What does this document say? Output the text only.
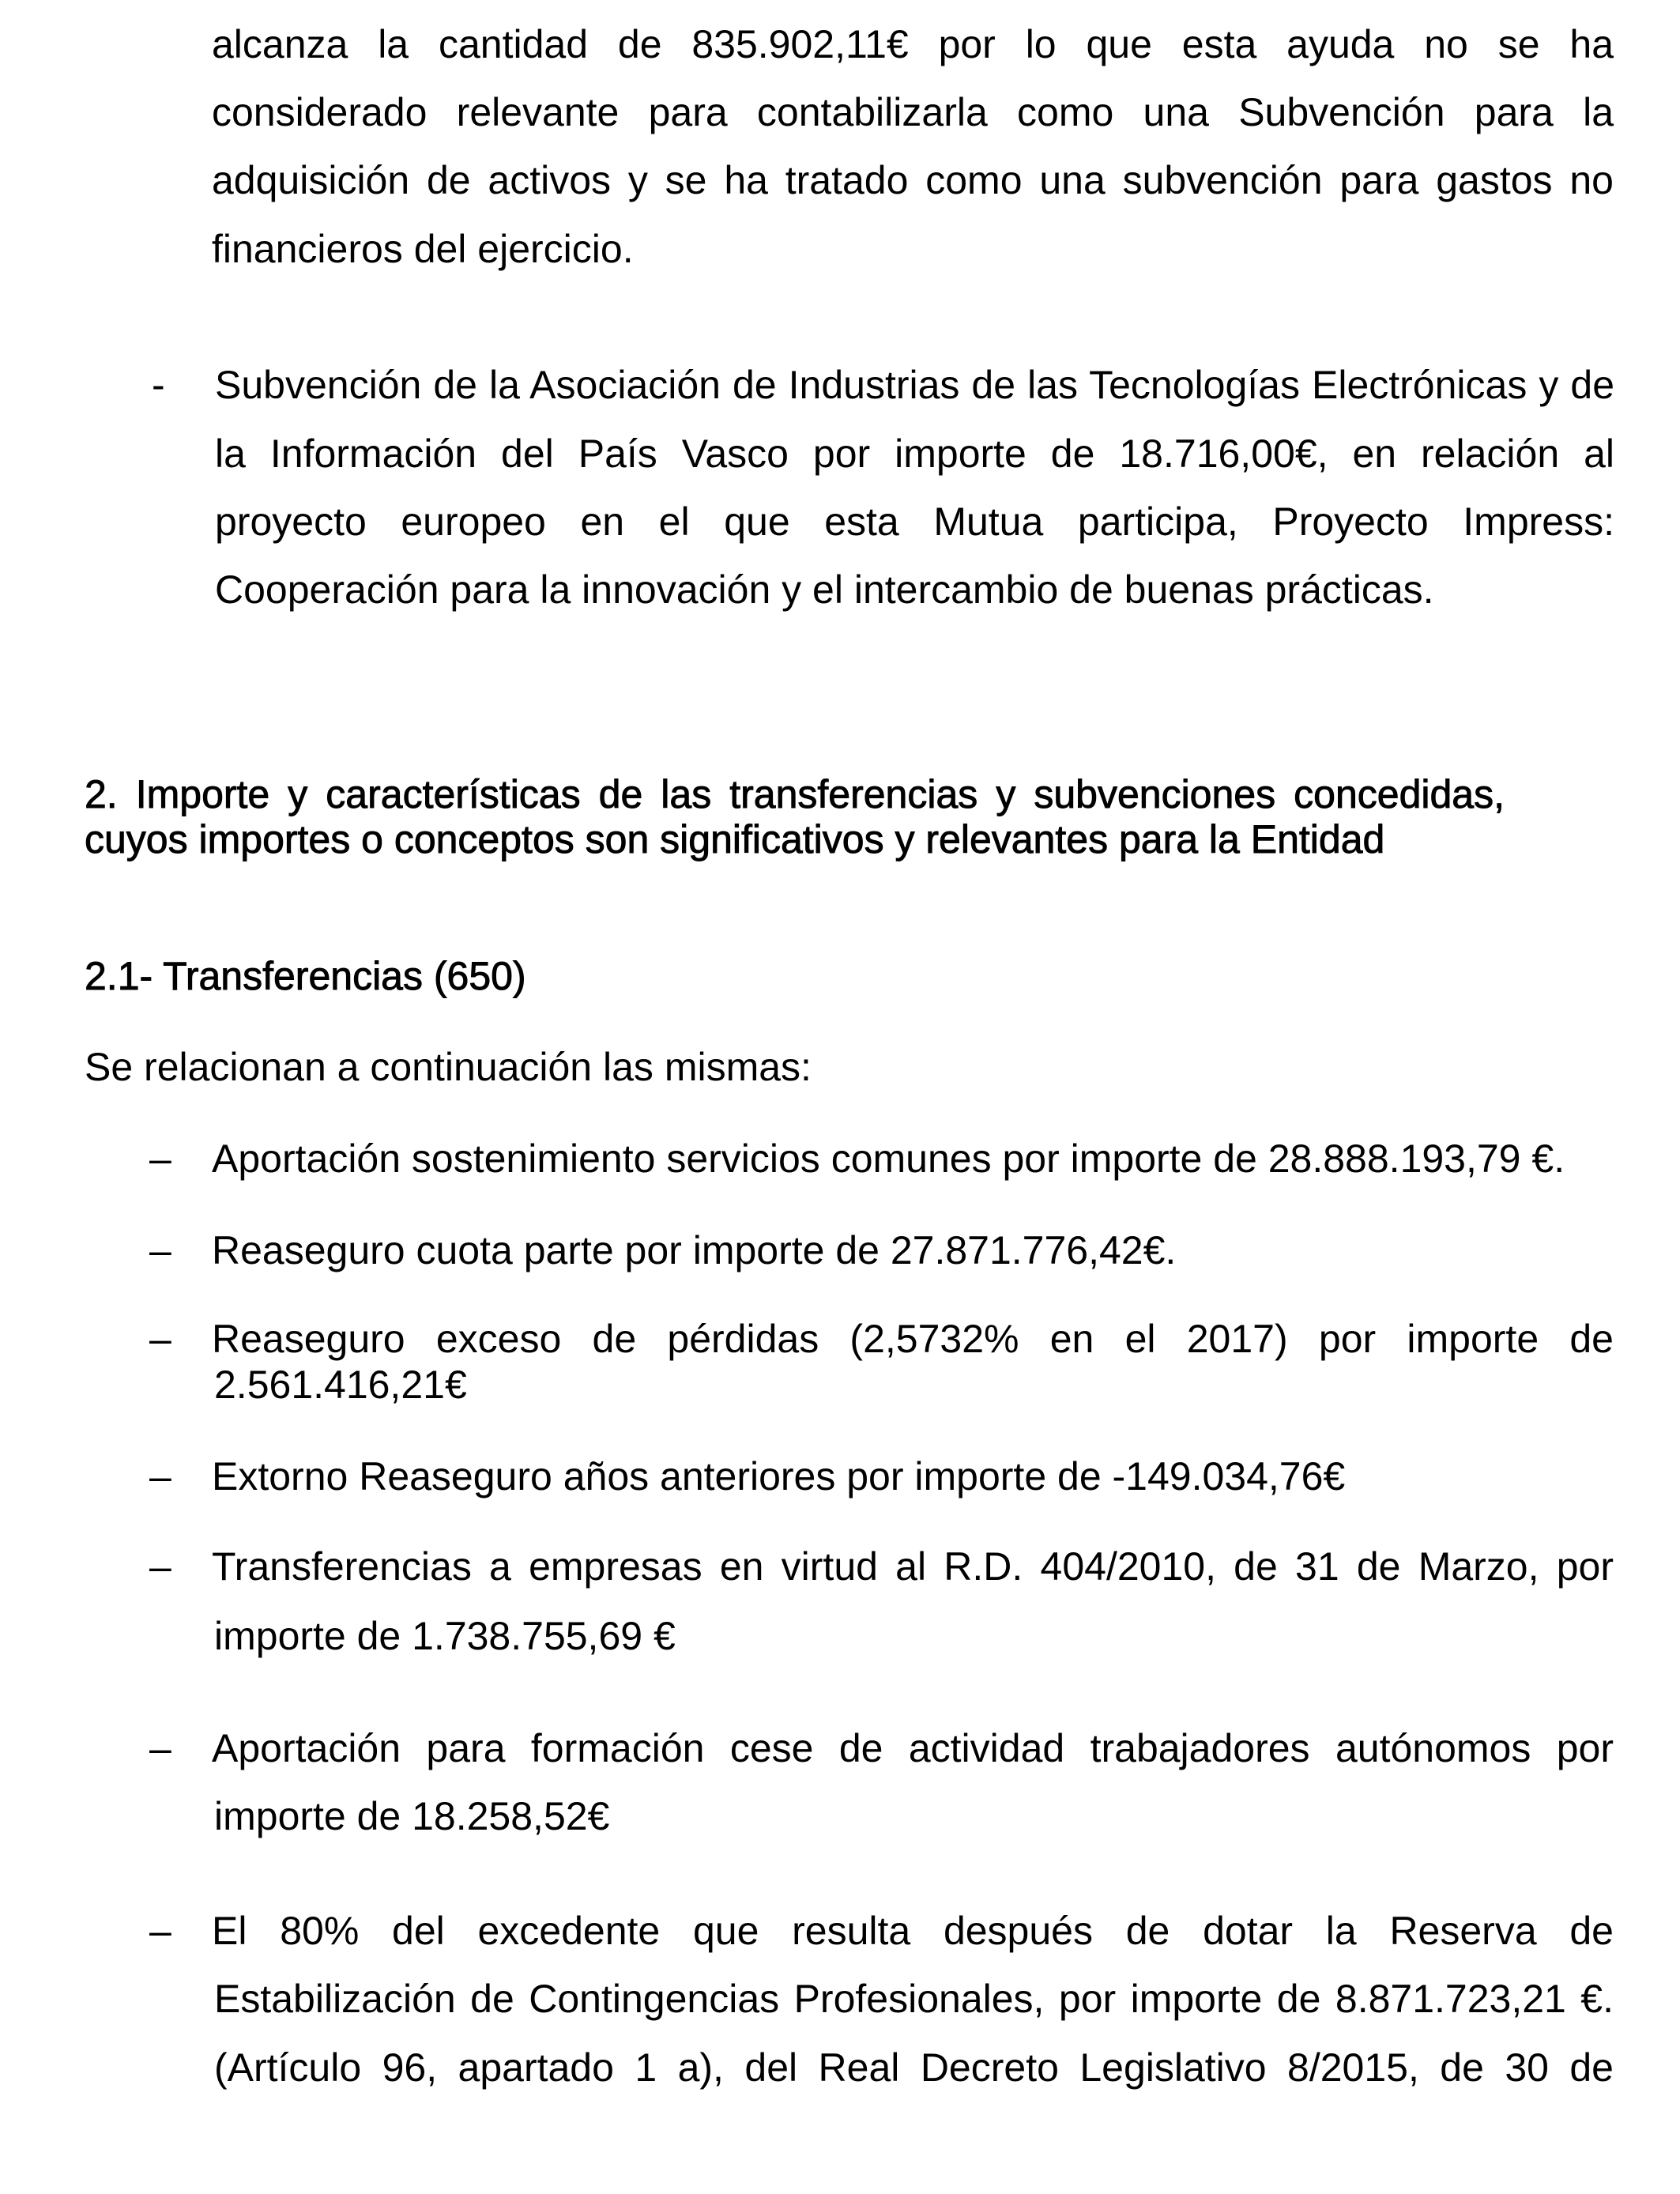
alcanza la cantidad de 835.902,11€ por lo que esta ayuda no se ha
considerado relevante para contabilizarla como una Subvención para la
adquisición de activos y se ha tratado como una subvención para gastos no
financieros del ejercicio.
- Subvención de la Asociación de Industrias de las Tecnologías Electrónicas y de
la Información del País Vasco por importe de 18.716,00€, en relación al
proyecto europeo en el que esta Mutua participa, Proyecto Impress:
Cooperación para la innovación y el intercambio de buenas prácticas.
2. Importe y características de las transferencias y subvenciones concedidas,
cuyos importes o conceptos son significativos y relevantes para la Entidad
2.1- Transferencias (650)
Se relacionan a continuación las mismas:
– Aportación sostenimiento servicios comunes por importe de 28.888.193,79 €.
– Reaseguro cuota parte por importe de 27.871.776,42€.
– Reaseguro exceso de pérdidas (2,5732% en el 2017) por importe de
2.561.416,21€
– Extorno Reaseguro años anteriores por importe de -149.034,76€
– Transferencias a empresas en virtud al R.D. 404/2010, de 31 de Marzo, por
importe de 1.738.755,69 €
– Aportación para formación cese de actividad trabajadores autónomos por
importe de 18.258,52€
– El 80% del excedente que resulta después de dotar la Reserva de
Estabilización de Contingencias Profesionales, por importe de 8.871.723,21 €.
(Artículo 96, apartado 1 a), del Real Decreto Legislativo 8/2015, de 30 de
